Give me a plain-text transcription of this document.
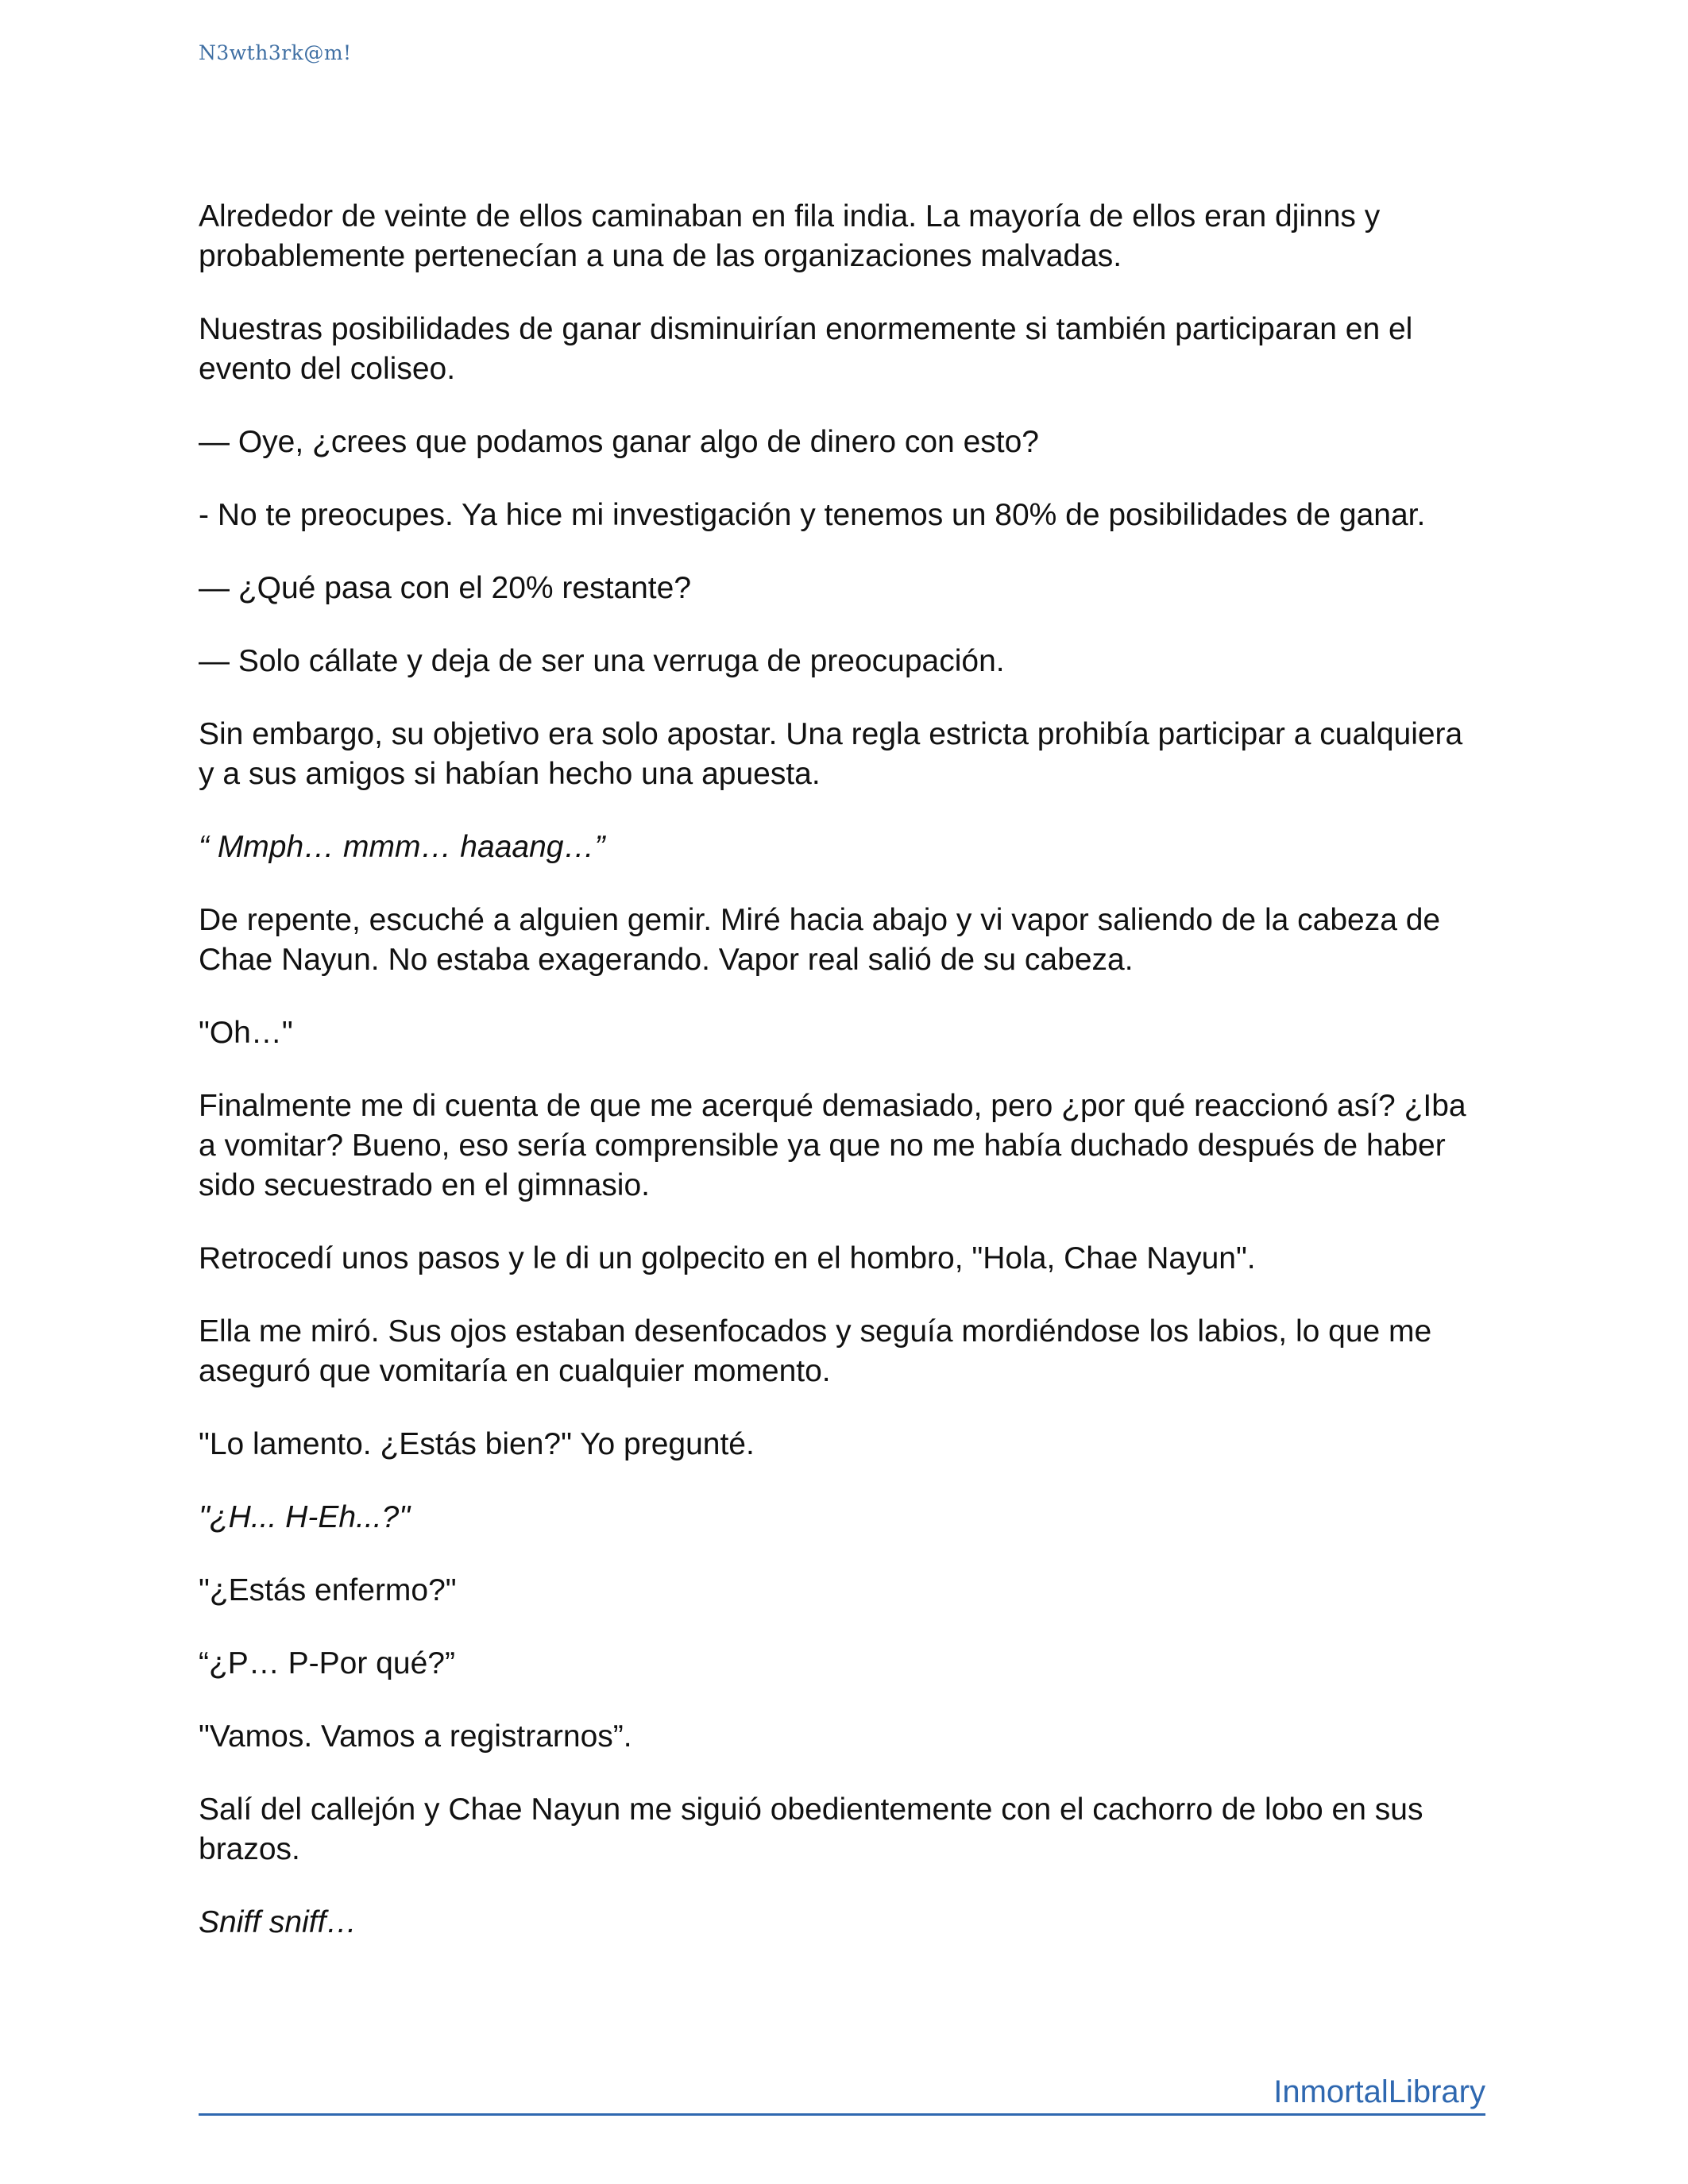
N3wth3rk@m!

Alrededor de veinte de ellos caminaban en fila india. La mayoría de ellos eran djinns y probablemente pertenecían a una de las organizaciones malvadas.

Nuestras posibilidades de ganar disminuirían enormemente si también participaran en el evento del coliseo.

— Oye, ¿crees que podamos ganar algo de dinero con esto?

- No te preocupes. Ya hice mi investigación y tenemos un 80% de posibilidades de ganar.

— ¿Qué pasa con el 20% restante?

— Solo cállate y deja de ser una verruga de preocupación.

Sin embargo, su objetivo era solo apostar. Una regla estricta prohibía participar a cualquiera y a sus amigos si habían hecho una apuesta.

“ Mmph… mmm… haaang…”

De repente, escuché a alguien gemir. Miré hacia abajo y vi vapor saliendo de la cabeza de Chae Nayun. No estaba exagerando. Vapor real salió de su cabeza.

"Oh…"

Finalmente me di cuenta de que me acerqué demasiado, pero ¿por qué reaccionó así? ¿Iba a vomitar? Bueno, eso sería comprensible ya que no me había duchado después de haber sido secuestrado en el gimnasio.

Retrocedí unos pasos y le di un golpecito en el hombro, "Hola, Chae Nayun".

Ella me miró. Sus ojos estaban desenfocados y seguía mordiéndose los labios, lo que me aseguró que vomitaría en cualquier momento.

"Lo lamento. ¿Estás bien?" Yo pregunté.

"¿H... H-Eh...?"

"¿Estás enfermo?"

“¿P… P-Por qué?”

"Vamos. Vamos a registrarnos”.

Salí del callejón y Chae Nayun me siguió obedientemente con el cachorro de lobo en sus brazos.

Sniff sniff…

InmortalLibrary
